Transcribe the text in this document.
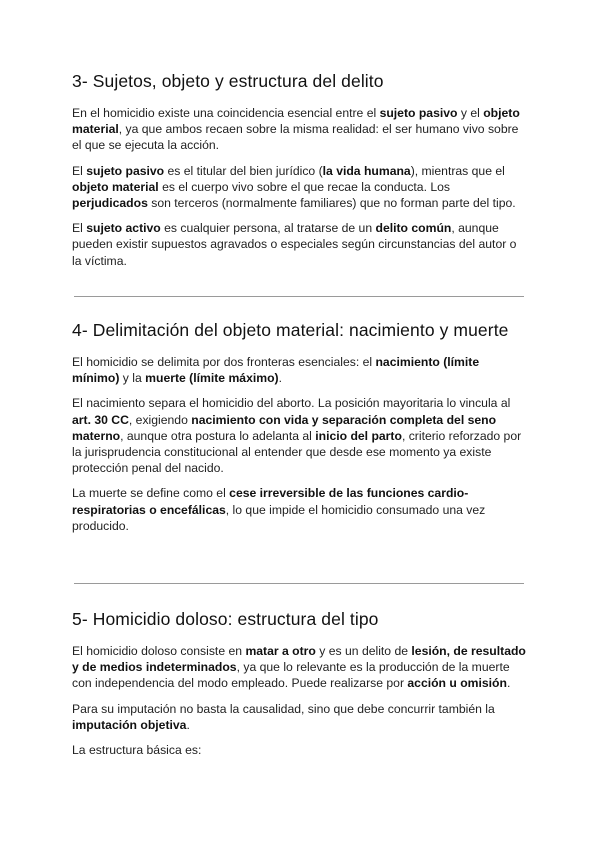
3- Sujetos, objeto y estructura del delito

En el homicidio existe una coincidencia esencial entre el sujeto pasivo y el objeto material, ya que ambos recaen sobre la misma realidad: el ser humano vivo sobre el que se ejecuta la acción.

El sujeto pasivo es el titular del bien jurídico (la vida humana), mientras que el objeto material es el cuerpo vivo sobre el que recae la conducta. Los perjudicados son terceros (normalmente familiares) que no forman parte del tipo.

El sujeto activo es cualquier persona, al tratarse de un delito común, aunque pueden existir supuestos agravados o especiales según circunstancias del autor o la víctima.

4- Delimitación del objeto material: nacimiento y muerte

El homicidio se delimita por dos fronteras esenciales: el nacimiento (límite mínimo) y la muerte (límite máximo).

El nacimiento separa el homicidio del aborto. La posición mayoritaria lo vincula al art. 30 CC, exigiendo nacimiento con vida y separación completa del seno materno, aunque otra postura lo adelanta al inicio del parto, criterio reforzado por la jurisprudencia constitucional al entender que desde ese momento ya existe protección penal del nacido.

La muerte se define como el cese irreversible de las funciones cardio-respiratorias o encefálicas, lo que impide el homicidio consumado una vez producido.

5- Homicidio doloso: estructura del tipo

El homicidio doloso consiste en matar a otro y es un delito de lesión, de resultado y de medios indeterminados, ya que lo relevante es la producción de la muerte con independencia del modo empleado. Puede realizarse por acción u omisión.

Para su imputación no basta la causalidad, sino que debe concurrir también la imputación objetiva.

La estructura básica es:
